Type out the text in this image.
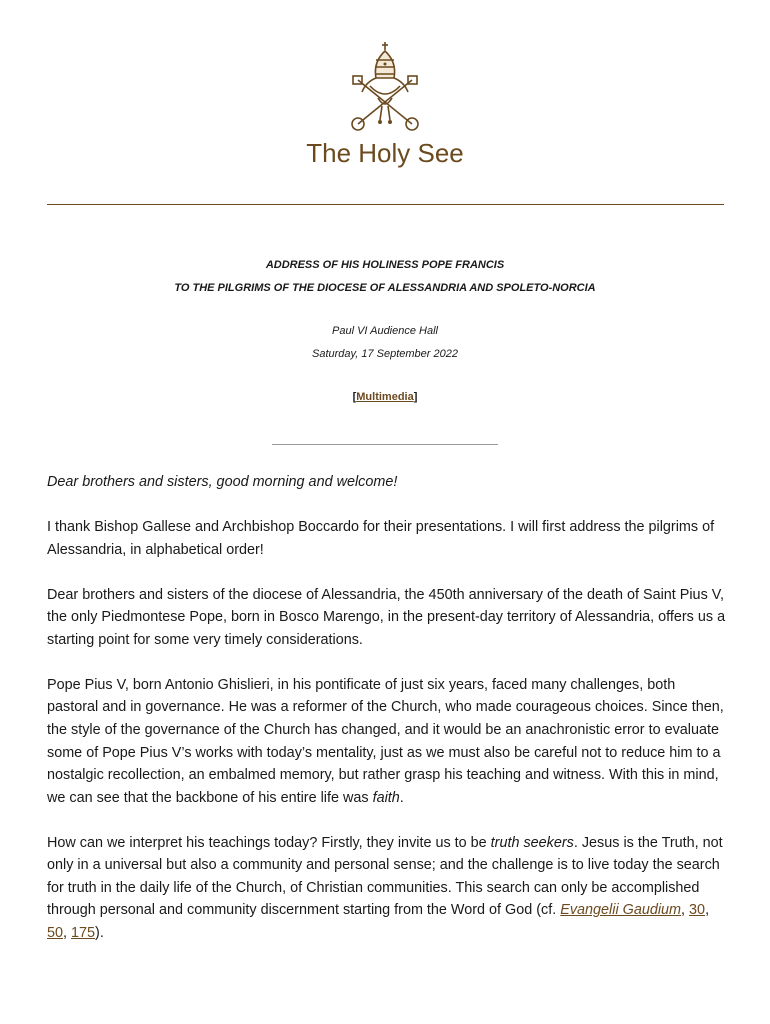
The Holy See
ADDRESS OF HIS HOLINESS POPE FRANCIS
TO THE PILGRIMS OF THE DIOCESE OF ALESSANDRIA AND SPOLETO-NORCIA
Paul VI Audience Hall
Saturday, 17 September 2022
[Multimedia]

Dear brothers and sisters, good morning and welcome!

I thank Bishop Gallese and Archbishop Boccardo for their presentations. I will first address the pilgrims of Alessandria, in alphabetical order!

Dear brothers and sisters of the diocese of Alessandria, the 450th anniversary of the death of Saint Pius V, the only Piedmontese Pope, born in Bosco Marengo, in the present-day territory of Alessandria, offers us a starting point for some very timely considerations.

Pope Pius V, born Antonio Ghislieri, in his pontificate of just six years, faced many challenges, both pastoral and in governance. He was a reformer of the Church, who made courageous choices. Since then, the style of the governance of the Church has changed, and it would be an anachronistic error to evaluate some of Pope Pius V’s works with today’s mentality, just as we must also be careful not to reduce him to a nostalgic recollection, an embalmed memory, but rather grasp his teaching and witness. With this in mind, we can see that the backbone of his entire life was faith.

How can we interpret his teachings today? Firstly, they invite us to be truth seekers. Jesus is the Truth, not only in a universal but also a community and personal sense; and the challenge is to live today the search for truth in the daily life of the Church, of Christian communities. This search can only be accomplished through personal and community discernment starting from the Word of God (cf. Evangelii Gaudium, 30, 50, 175).
